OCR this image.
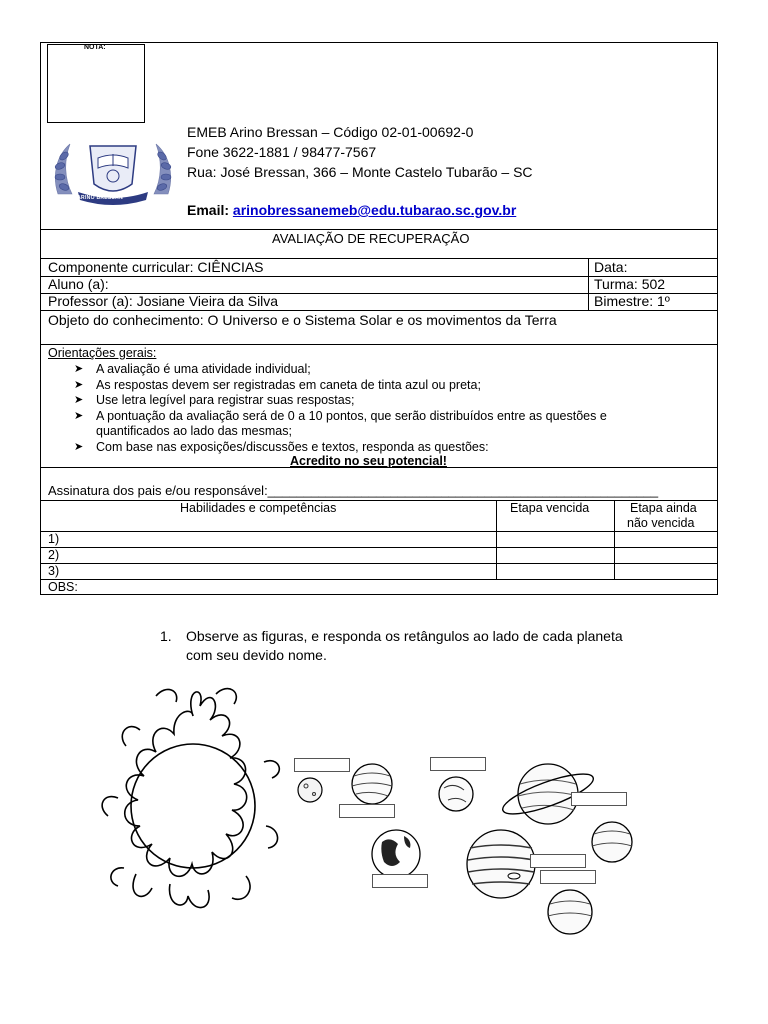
NOTA:
EMEB ARINO BRESSAN
EMEB Arino Bressan – Código 02-01-00692-0
Fone 3622-1881 / 98477-7567
Rua: José Bressan, 366 – Monte Castelo Tubarão – SC
Email: arinobressanemeb@edu.tubarao.sc.gov.br
AVALIAÇÃO DE RECUPERAÇÃO
Componente curricular: CIÊNCIAS	Data:
Aluno (a):	Turma: 502
Professor (a): Josiane Vieira da Silva	Bimestre: 1º
Objeto do conhecimento: O Universo e o Sistema Solar e os movimentos da Terra
Orientações gerais:
➤ A avaliação é uma atividade individual;
➤ As respostas devem ser registradas em caneta de tinta azul ou preta;
➤ Use letra legível para registrar suas respostas;
➤ A pontuação da avaliação será de 0 a 10 pontos, que serão distribuídos entre as questões e
quantificados ao lado das mesmas;
➤ Com base nas exposições/discussões e textos, responda as questões:
Acredito no seu potencial!
Assinatura dos pais e/ou responsável:______________________________________________________
Habilidades e competências	Etapa vencida	Etapa ainda
não vencida
1)
2)
3)
OBS:
1. Observe as figuras, e responda os retângulos ao lado de cada planeta
com seu devido nome.
